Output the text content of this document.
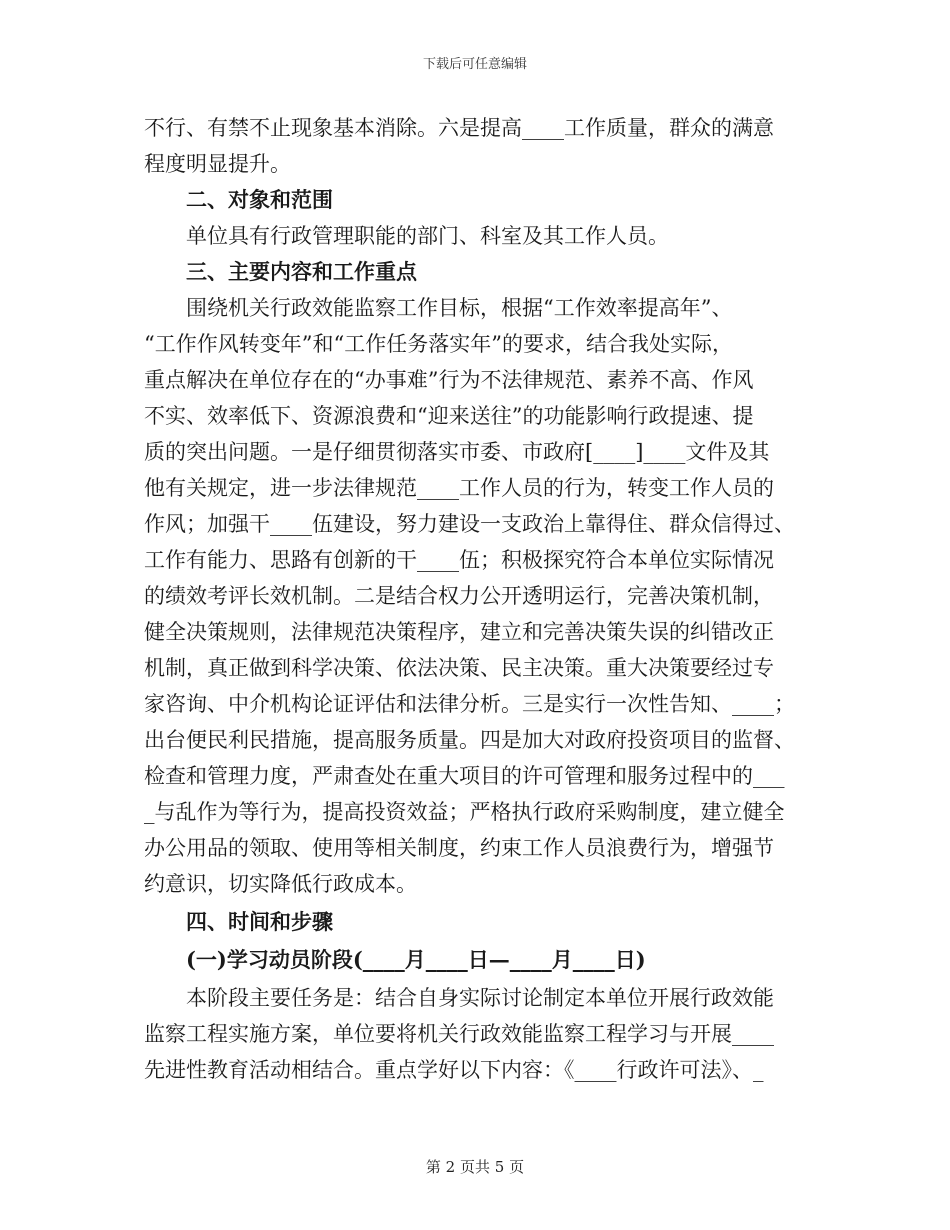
下载后可任意编辑
不行、有禁不止现象基本消除。六是提高____工作质量，群众的满意
程度明显提升。
二、对象和范围
单位具有行政管理职能的部门、科室及其工作人员。
三、主要内容和工作重点
围绕机关行政效能监察工作目标，根据“工作效率提高年”、
“工作作风转变年”和“工作任务落实年”的要求，结合我处实际，
重点解决在单位存在的“办事难”行为不法律规范、素养不高、作风
不实、效率低下、资源浪费和“迎来送往”的功能影响行政提速、提
质的突出问题。一是仔细贯彻落实市委、市政府[____]____文件及其
他有关规定，进一步法律规范____工作人员的行为，转变工作人员的
作风；加强干____伍建设，努力建设一支政治上靠得住、群众信得过、
工作有能力、思路有创新的干____伍；积极探究符合本单位实际情况
的绩效考评长效机制。二是结合权力公开透明运行，完善决策机制，
健全决策规则，法律规范决策程序，建立和完善决策失误的纠错改正
机制，真正做到科学决策、依法决策、民主决策。重大决策要经过专
家咨询、中介机构论证评估和法律分析。三是实行一次性告知、____；
出台便民利民措施，提高服务质量。四是加大对政府投资项目的监督、
检查和管理力度，严肃查处在重大项目的许可管理和服务过程中的___
_与乱作为等行为，提高投资效益；严格执行政府采购制度，建立健全
办公用品的领取、使用等相关制度，约束工作人员浪费行为，增强节
约意识，切实降低行政成本。
四、时间和步骤
(一)学习动员阶段(____月____日—____月____日)
本阶段主要任务是：结合自身实际讨论制定本单位开展行政效能
监察工程实施方案，单位要将机关行政效能监察工程学习与开展____
先进性教育活动相结合。重点学好以下内容：《____行政许可法》、_
第 2 页共 5 页
